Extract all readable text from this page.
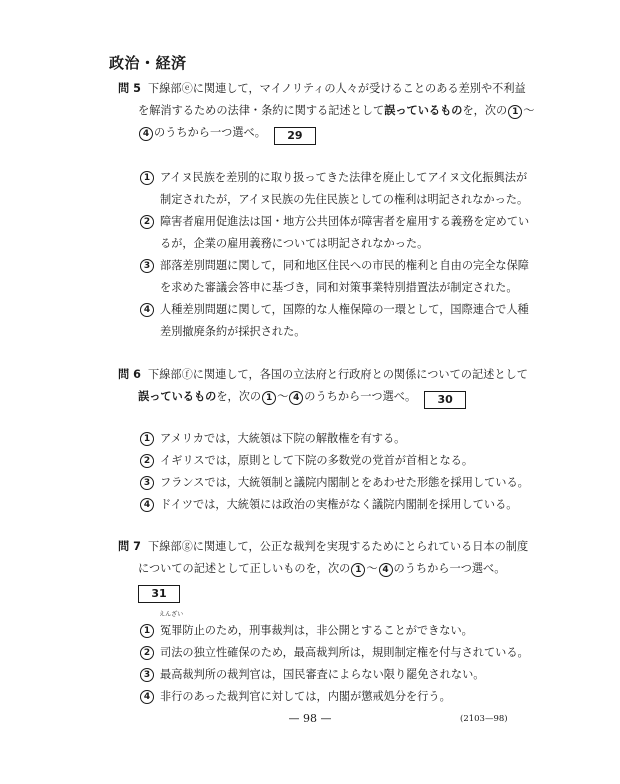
政治・経済
問 5 下線部ⓔに関連して，マイノリティの人々が受けることのある差別や不利益
を解消するための法律・条約に関する記述として誤っているものを，次の 1 ～
4 のうちから一つ選べ。 29
1 アイヌ民族を差別的に取り扱ってきた法律を廃止してアイヌ文化振興法が
制定されたが，アイヌ民族の先住民族としての権利は明記されなかった。
2 障害者雇用促進法は国・地方公共団体が障害者を雇用する義務を定めてい
るが，企業の雇用義務については明記されなかった。
3 部落差別問題に関して，同和地区住民への市民的権利と自由の完全な保障
を求めた審議会答申に基づき，同和対策事業特別措置法が制定された。
4 人種差別問題に関して，国際的な人権保障の一環として，国際連合で人種
差別撤廃条約が採択された。
問 6 下線部ⓕに関連して，各国の立法府と行政府との関係についての記述として
誤っているものを，次の 1 ～ 4 のうちから一つ選べ。 30
1 アメリカでは，大統領は下院の解散権を有する。
2 イギリスでは，原則として下院の多数党の党首が首相となる。
3 フランスでは，大統領制と議院内閣制とをあわせた形態を採用している。
4 ドイツでは，大統領には政治の実権がなく議院内閣制を採用している。
問 7 下線部ⓖに関連して，公正な裁判を実現するためにとられている日本の制度
についての記述として正しいものを，次の 1 ～ 4 のうちから一つ選べ。
31
1
えんざい
冤罪防止のため，刑事裁判は，非公開とすることができない。
2 司法の独立性確保のため，最高裁判所は，規則制定権を付与されている。
3 最高裁判所の裁判官は，国民審査によらない限り罷免されない。
4 非行のあった裁判官に対しては，内閣が懲戒処分を行う。
— 98 —	(2103—98)
